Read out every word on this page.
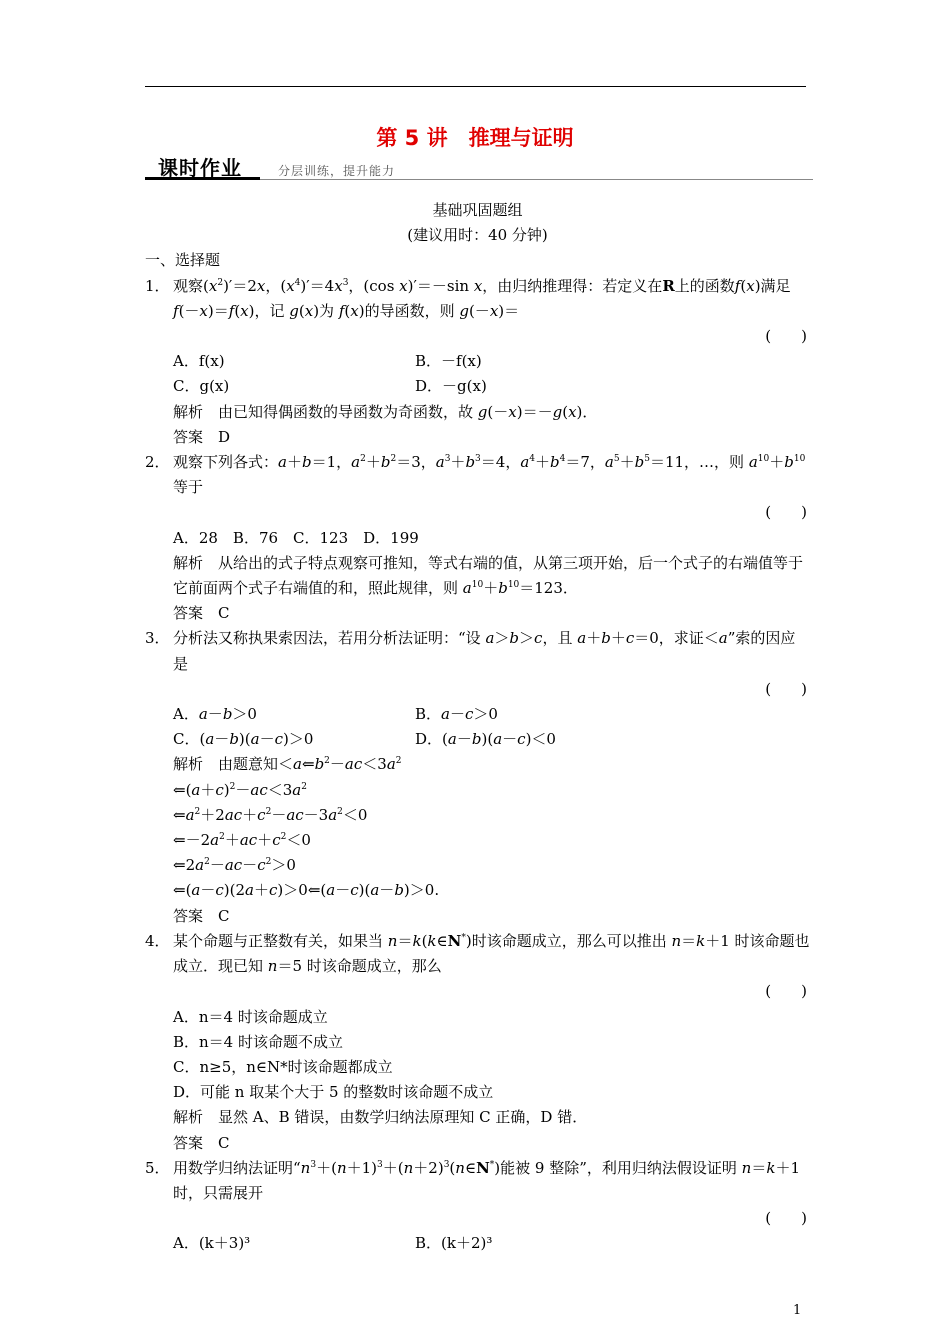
第 5 讲　推理与证明
课时作业	分层训练，提升能力
基础巩固题组
(建议用时：40 分钟)
一、选择题
1． 观察$(x^2)'=2x$，$(x^4)'=4x^3$，(cos x)′＝－sin x，由归纳推理得：若定义在R上的函数f(x)满足 f(－x)＝f(x)，记 g(x)为 f(x)的导函数，则 g(－x)＝

(　　)
A．f(x)	B．－f(x)
C．g(x)	D．－g(x)
解析　由已知得偶函数的导函数为奇函数，故 g(－x)＝－g(x)．
答案　 D
2． 观察下列各式：a＋b＝1，$a^2+b^2=3$，$a^3+b^3=4$，$a^4+b^4=7$，$a^5+b^5=11$，…，则 $a^{10}+b^{10}$等于

(　　)
A．28　B．76　C．123　D．199
解析　从给出的式子特点观察可推知，等式右端的值，从第三项开始，后一个式子的右端值等于它前面两个式子右端值的和，照此规律，则 $a^{10}+b^{10}=123$．
答案　 C
3． 分析法又称执果索因法，若用分析法证明：“设 a＞b＞c，且 a＋b＋c＝0，求证＜a”索的因应是

(　　)
A．a－b＞0	B．a－c＞0
C．(a－b)(a－c)＞0	D．(a－b)(a－c)＜0
解析　由题意知$<a⇐b^2-ac<3a^2$
$⇐(a+c)^2-ac<3a^2$
$⇐a^2+2ac+c^2-ac-3a^2<0$
$⇐-2a^2+ac+c^2<0$
$⇐2a^2-ac-c^2>0$
⇐(a－c)(2a＋c)＞0⇐(a－c)(a－b)＞0.
答案　 C
4． 某个命题与正整数有关，如果当 n＝k(k∈N*)时该命题成立，那么可以推出 n＝k＋1 时该命题也成立．现已知 n＝5 时该命题成立，那么

(　　)
A．n＝4 时该命题成立
B．n＝4 时该命题不成立
C．n≥5，n∈N*时该命题都成立
D．可能 n 取某个大于 5 的整数时该命题不成立
解析　显然 A、B 错误，由数学归纳法原理知 C 正确，D 错．
答案　 C
5． 用数学归纳法证明“$n^3+(n+1)^3+(n+2)^3(n\in N^*)$能被 9 整除”，利用归纳法假设证明 n＝k＋1 时，只需展开

(　　)
A．(k＋3)³	B．(k＋2)³
1
